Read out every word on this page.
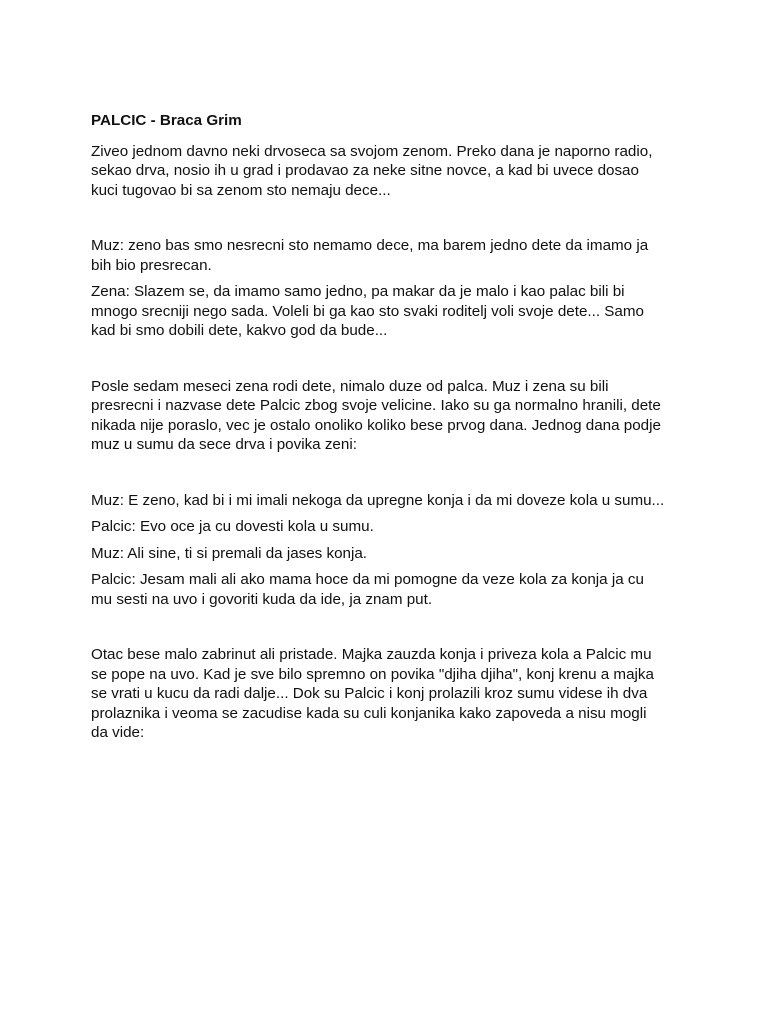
PALCIC - Braca Grim
Ziveo jednom davno neki drvoseca sa svojom zenom. Preko dana je naporno radio,
sekao drva, nosio ih u grad i prodavao za neke sitne novce, a kad bi uvece dosao
kuci tugovao bi sa zenom sto nemaju dece...
Muz: zeno bas smo nesrecni sto nemamo dece, ma barem jedno dete da imamo ja
bih bio presrecan.
Zena: Slazem se, da imamo samo jedno, pa makar da je malo i kao palac bili bi
mnogo srecniji nego sada. Voleli bi ga kao sto svaki roditelj voli svoje dete... Samo
kad bi smo dobili dete, kakvo god da bude...
Posle sedam meseci zena rodi dete, nimalo duze od palca. Muz i zena su bili
presrecni i nazvase dete Palcic zbog svoje velicine. Iako su ga normalno hranili, dete
nikada nije poraslo, vec je ostalo onoliko koliko bese prvog dana. Jednog dana podje
muz u sumu da sece drva i povika zeni:
Muz: E zeno, kad bi i mi imali nekoga da upregne konja i da mi doveze kola u sumu...
Palcic: Evo oce ja cu dovesti kola u sumu.
Muz: Ali sine, ti si premali da jases konja.
Palcic: Jesam mali ali ako mama hoce da mi pomogne da veze kola za konja ja cu
mu sesti na uvo i govoriti kuda da ide, ja znam put.
Otac bese malo zabrinut ali pristade. Majka zauzda konja i priveza kola a Palcic mu
se pope na uvo. Kad je sve bilo spremno on povika "djiha djiha", konj krenu a majka
se vrati u kucu da radi dalje... Dok su Palcic i konj prolazili kroz sumu videse ih dva
prolaznika i veoma se zacudise kada su culi konjanika kako zapoveda a nisu mogli
da vide:
